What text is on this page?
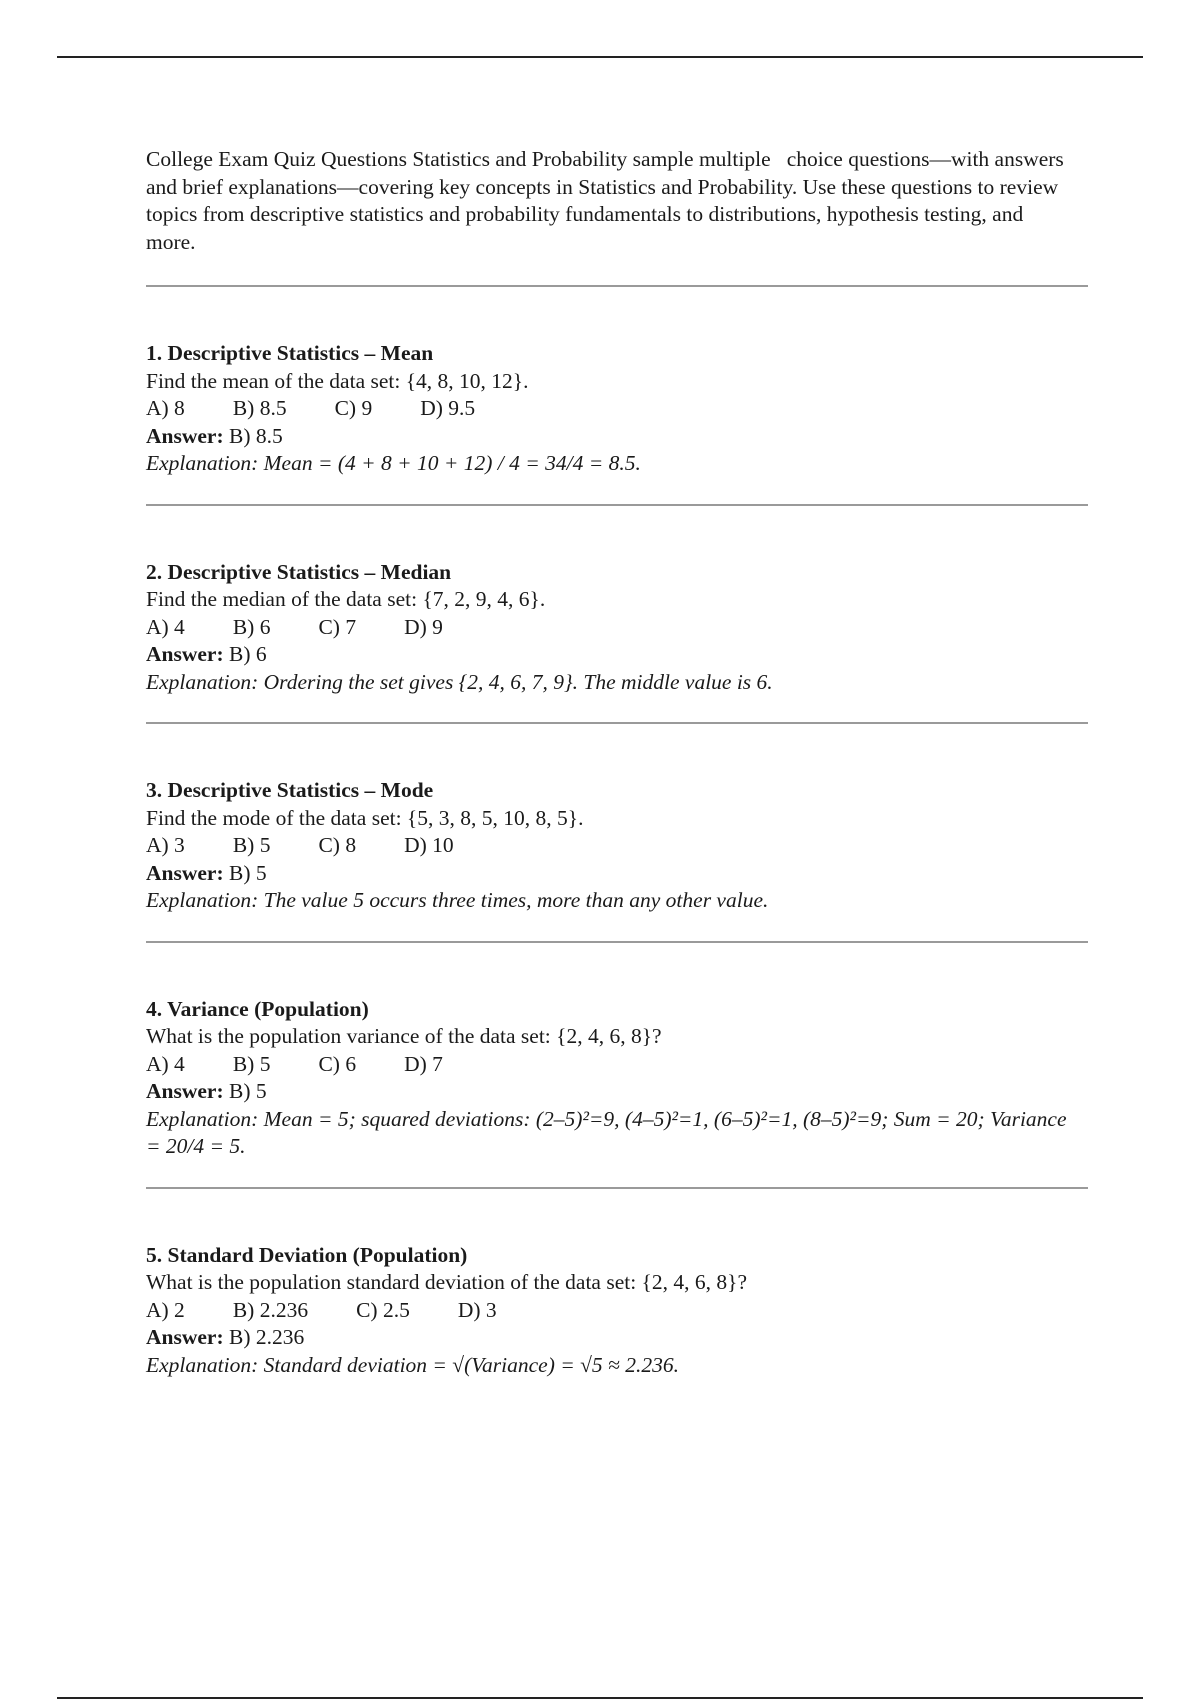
College Exam Quiz Questions Statistics and Probability sample multiple   choice questions—with answers and brief explanations—covering key concepts in Statistics and Probability. Use these questions to review topics from descriptive statistics and probability fundamentals to distributions, hypothesis testing, and more.

1. Descriptive Statistics – Mean

Find the mean of the data set: {4, 8, 10, 12}.

A) 8 B) 8.5 C) 9 D) 9.5

Answer: B) 8.5

Explanation: Mean = (4 + 8 + 10 + 12) / 4 = 34/4 = 8.5.

2. Descriptive Statistics – Median

Find the median of the data set: {7, 2, 9, 4, 6}.

A) 4 B) 6 C) 7 D) 9

Answer: B) 6

Explanation: Ordering the set gives {2, 4, 6, 7, 9}. The middle value is 6.

3. Descriptive Statistics – Mode

Find the mode of the data set: {5, 3, 8, 5, 10, 8, 5}.

A) 3 B) 5 C) 8 D) 10

Answer: B) 5

Explanation: The value 5 occurs three times, more than any other value.

4. Variance (Population)

What is the population variance of the data set: {2, 4, 6, 8}?

A) 4 B) 5 C) 6 D) 7

Answer: B) 5

Explanation: Mean = 5; squared deviations: (2–5)²=9, (4–5)²=1, (6–5)²=1, (8–5)²=9; Sum = 20; Variance = 20/4 = 5.

5. Standard Deviation (Population)

What is the population standard deviation of the data set: {2, 4, 6, 8}?

A) 2 B) 2.236 C) 2.5 D) 3

Answer: B) 2.236

Explanation: Standard deviation = √(Variance) = √5 ≈ 2.236.
